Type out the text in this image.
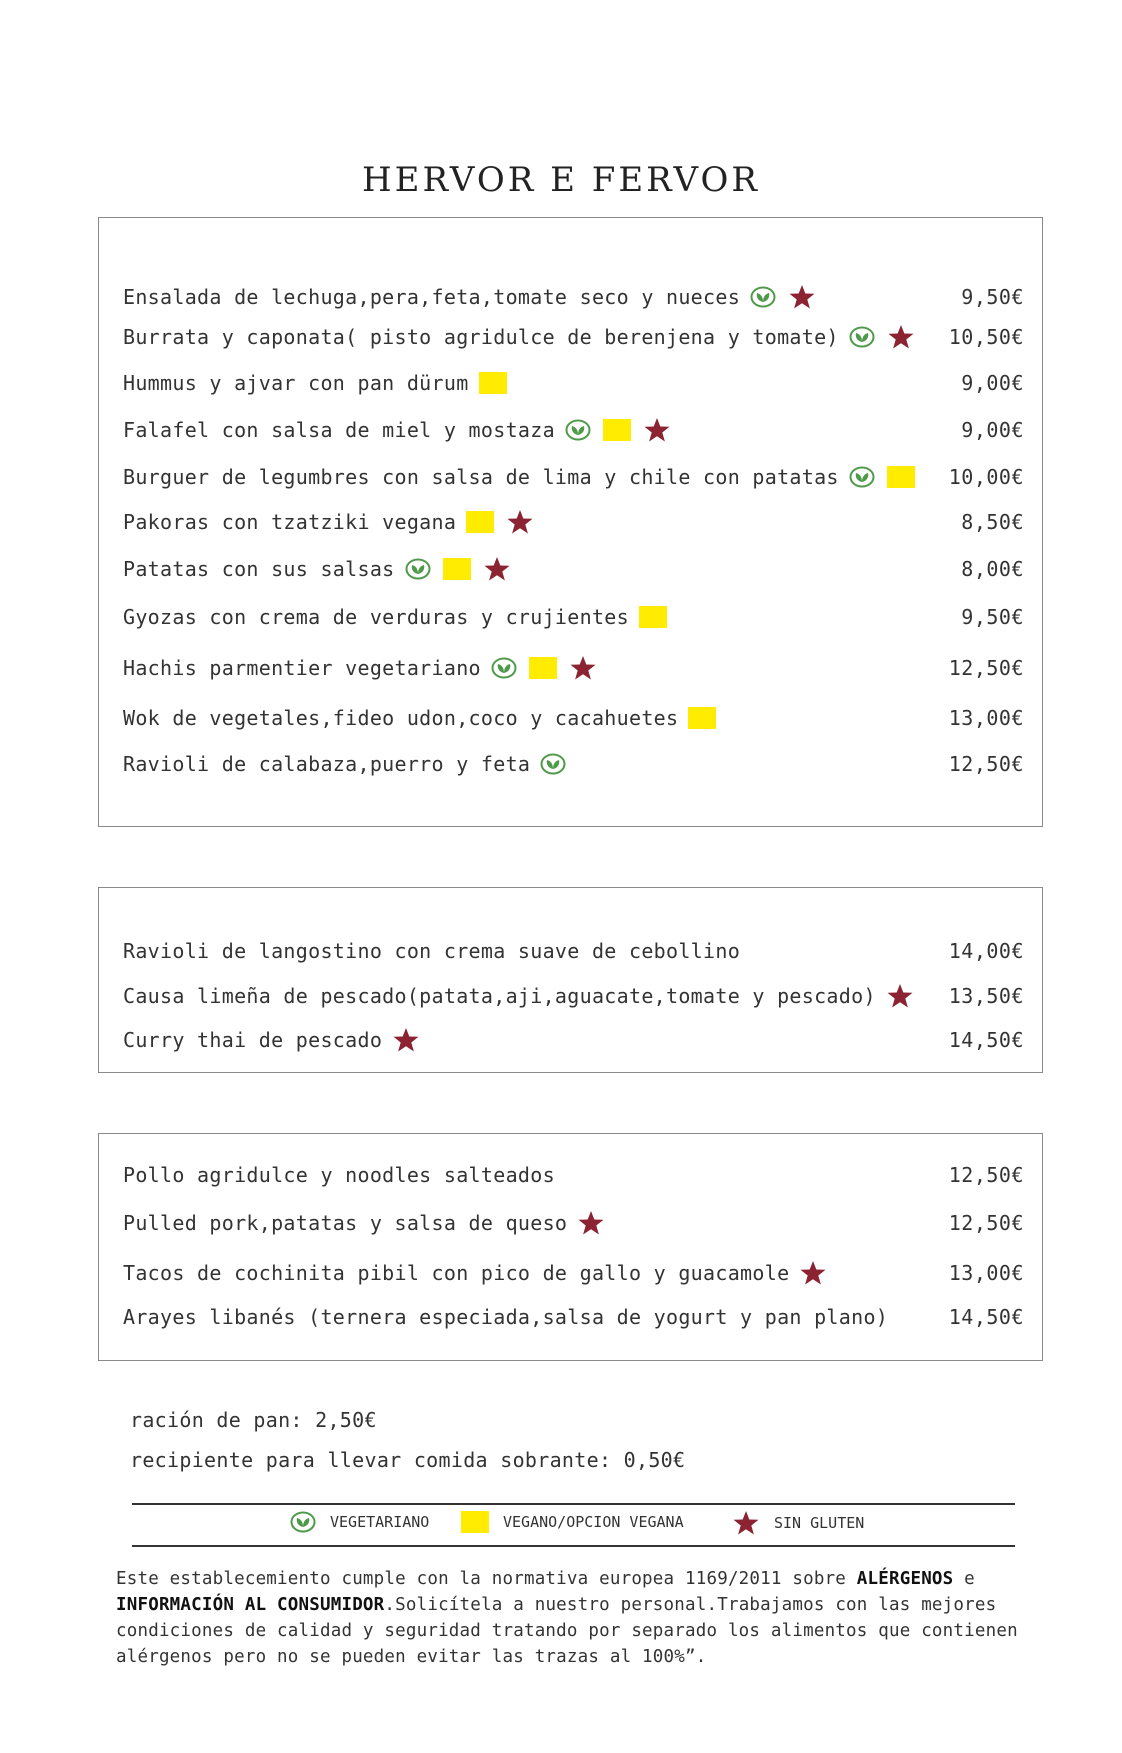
HERVOR E FERVOR
Ensalada de lechuga,pera,feta,tomate seco y nueces	9,50€
Burrata y caponata( pisto agridulce de berenjena y tomate)	10,50€
Hummus y ajvar con pan dürum	9,00€
Falafel con salsa de miel y mostaza	9,00€
Burguer de legumbres con salsa de lima y chile con patatas	10,00€
Pakoras con tzatziki vegana	8,50€
Patatas con sus salsas	8,00€
Gyozas con crema de verduras y crujientes	9,50€
Hachis parmentier vegetariano	12,50€
Wok de vegetales,fideo udon,coco y cacahuetes	13,00€
Ravioli de calabaza,puerro y feta	12,50€
Ravioli de langostino con crema suave de cebollino	14,00€
Causa limeña de pescado(patata,aji,aguacate,tomate y pescado)	13,50€
Curry thai de pescado	14,50€
Pollo agridulce y noodles salteados	12,50€
Pulled pork,patatas y salsa de queso	12,50€
Tacos de cochinita pibil con pico de gallo y guacamole	13,00€
Arayes libanés (ternera especiada,salsa de yogurt y pan plano)	14,50€
ración de pan: 2,50€
recipiente para llevar comida sobrante: 0,50€
VEGETARIANO	VEGANO/OPCION VEGANA	SIN GLUTEN
Este establecemiento cumple con la normativa europea 1169/2011 sobre ALÉRGENOS e INFORMACIÓN AL CONSUMIDOR.Solicítela a nuestro personal.Trabajamos con las mejores condiciones de calidad y seguridad tratando por separado los alimentos que contienen alérgenos pero no se pueden evitar las trazas al 100%”.
